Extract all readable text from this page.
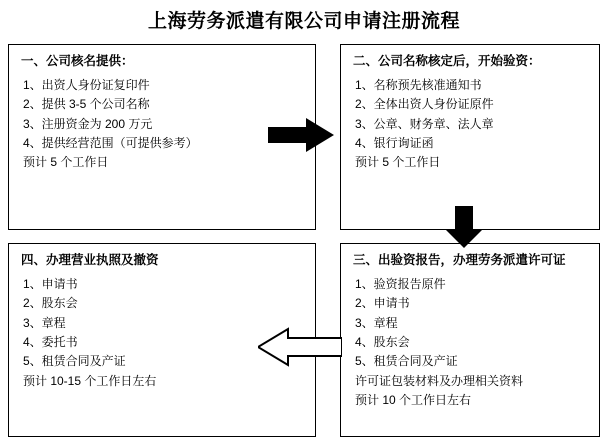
上海劳务派遣有限公司申请注册流程
一、公司核名提供：
1、出资人身份证复印件
2、提供 3-5 个公司名称
3、注册资金为 200 万元
4、提供经营范围（可提供参考）
预计 5 个工作日
二、公司名称核定后，开始验资：
1、名称预先核准通知书
2、全体出资人身份证原件
3、公章、财务章、法人章
4、银行询证函
预计 5 个工作日
三、出验资报告，办理劳务派遣许可证
1、验资报告原件
2、申请书
3、章程
4、股东会
5、租赁合同及产证
许可证包装材料及办理相关资料
预计 10 个工作日左右
四、办理营业执照及撤资
1、申请书
2、股东会
3、章程
4、委托书
5、租赁合同及产证
预计 10-15 个工作日左右
